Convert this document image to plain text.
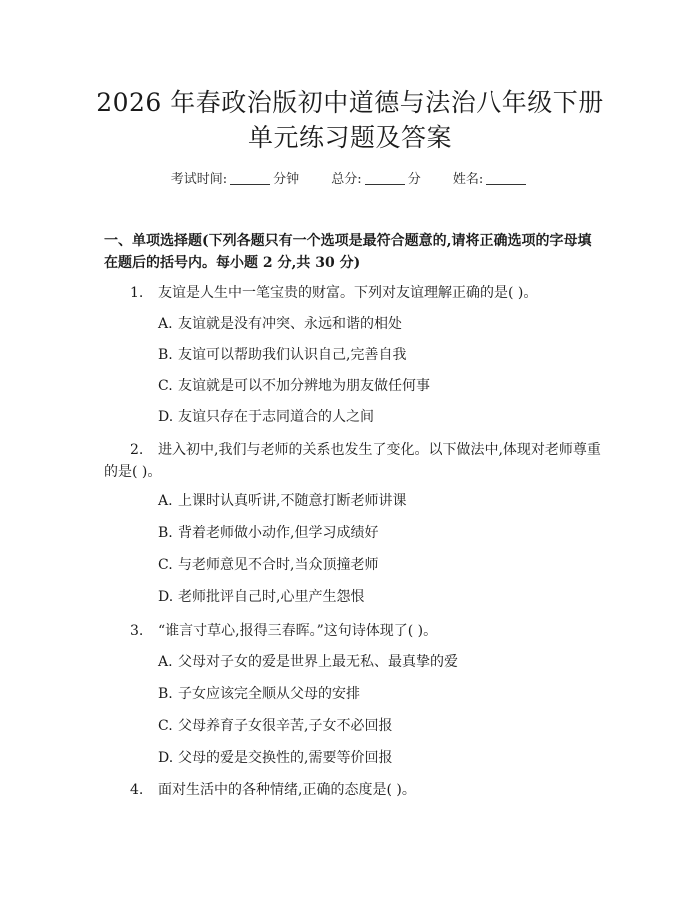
2026 年春政治版初中道德与法治八年级下册
单元练习题及答案
考试时间:	分钟 总分:	分 姓名:
一、单项选择题(下列各题只有一个选项是最符合题意的,请将正确选项的字母填在题后的括号内。每小题 2 分,共 30 分)
1. 友谊是人生中一笔宝贵的财富。下列对友谊理解正确的是( )。
A. 友谊就是没有冲突、永远和谐的相处
B. 友谊可以帮助我们认识自己,完善自我
C. 友谊就是可以不加分辨地为朋友做任何事
D. 友谊只存在于志同道合的人之间
2. 进入初中,我们与老师的关系也发生了变化。以下做法中,体现对老师尊重的是( )。
A. 上课时认真听讲,不随意打断老师讲课
B. 背着老师做小动作,但学习成绩好
C. 与老师意见不合时,当众顶撞老师
D. 老师批评自己时,心里产生怨恨
3. “谁言寸草心,报得三春晖。”这句诗体现了( )。
A. 父母对子女的爱是世界上最无私、最真挚的爱
B. 子女应该完全顺从父母的安排
C. 父母养育子女很辛苦,子女不必回报
D. 父母的爱是交换性的,需要等价回报
4. 面对生活中的各种情绪,正确的态度是( )。
